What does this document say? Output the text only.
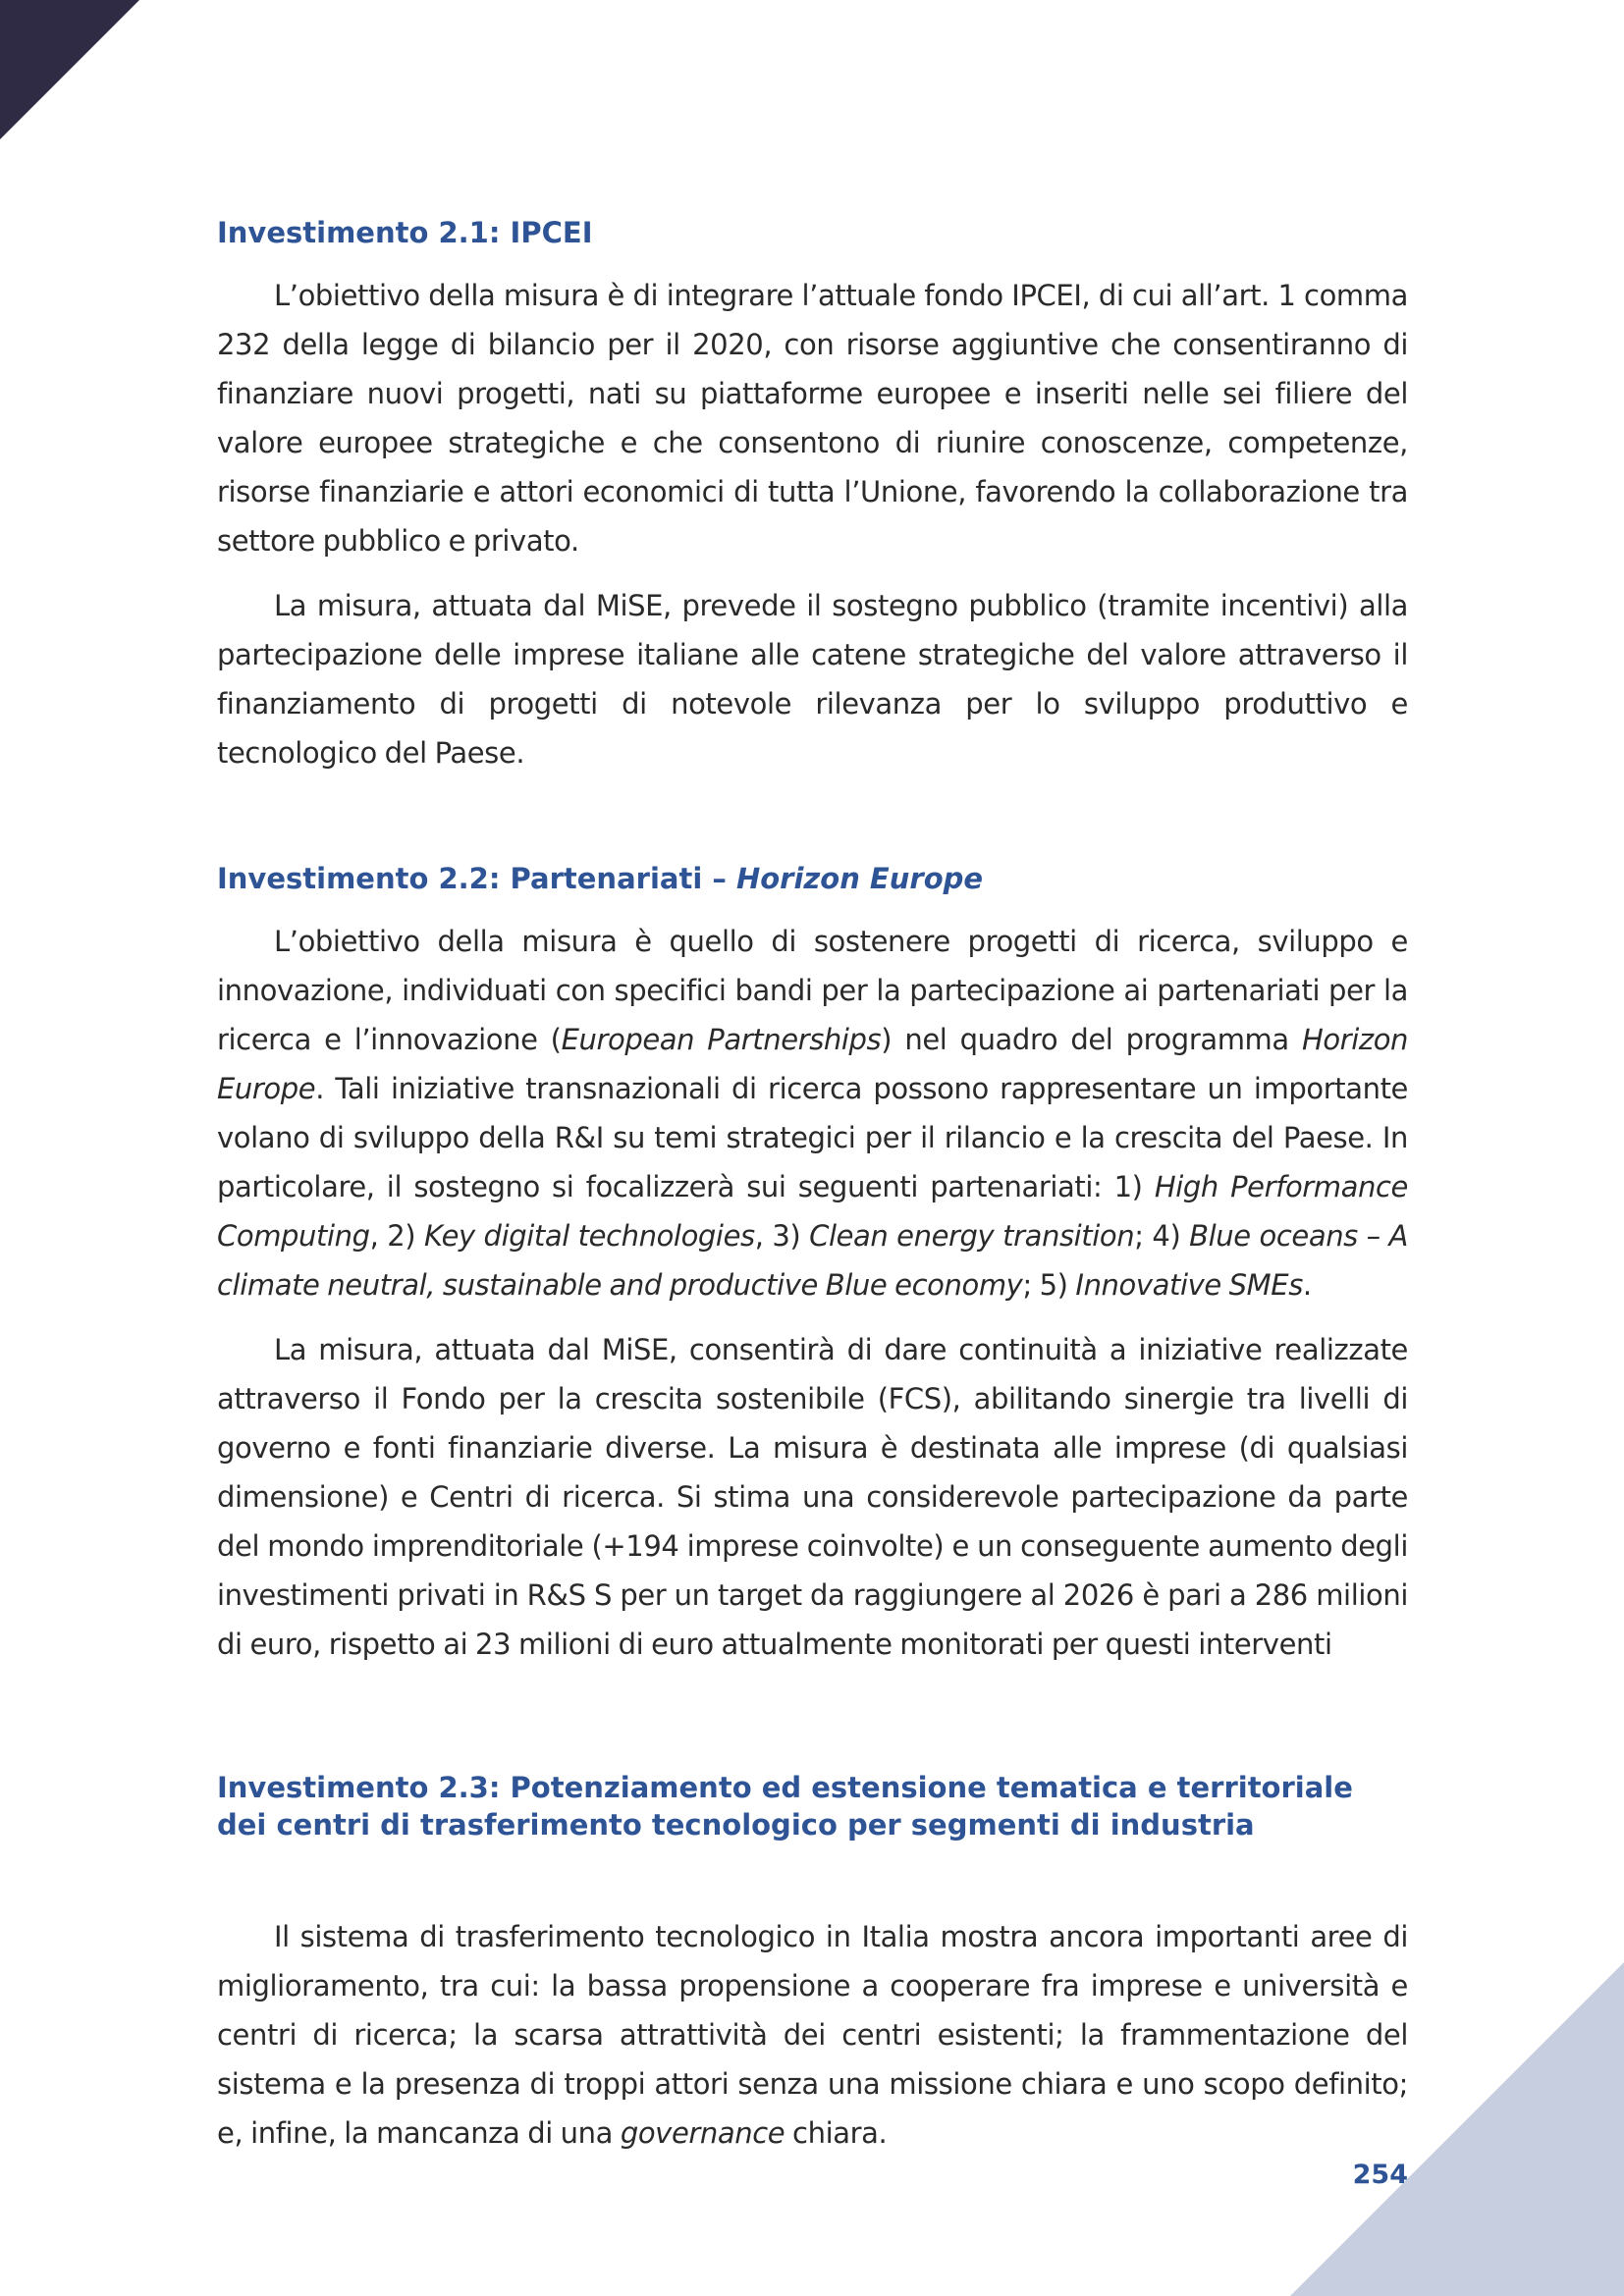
Investimento 2.1: IPCEI

L’obiettivo della misura è di integrare l’attuale fondo IPCEI, di cui all’art. 1 comma 232 della legge di bilancio per il 2020, con risorse aggiuntive che consentiranno di finanziare nuovi progetti, nati su piattaforme europee e inseriti nelle sei filiere del valore europee strategiche e che consentono di riunire conoscenze, competenze, risorse finanziarie e attori economici di tutta l’Unione, favorendo la collaborazione tra settore pubblico e privato.

La misura, attuata dal MiSE, prevede il sostegno pubblico (tramite incentivi) alla partecipazione delle imprese italiane alle catene strategiche del valore attraverso il finanziamento di progetti di notevole rilevanza per lo sviluppo produttivo e tecnologico del Paese.

Investimento 2.2: Partenariati – Horizon Europe

L’obiettivo della misura è quello di sostenere progetti di ricerca, sviluppo e innovazione, individuati con specifici bandi per la partecipazione ai partenariati per la ricerca e l’innovazione (European Partnerships) nel quadro del programma Horizon Europe. Tali iniziative transnazionali di ricerca possono rappresentare un importante volano di sviluppo della R&I su temi strategici per il rilancio e la crescita del Paese. In particolare, il sostegno si focalizzerà sui seguenti partenariati: 1) High Performance Computing, 2) Key digital technologies, 3) Clean energy transition; 4) Blue oceans – A climate neutral, sustainable and productive Blue economy; 5) Innovative SMEs.

La misura, attuata dal MiSE, consentirà di dare continuità a iniziative realizzate attraverso il Fondo per la crescita sostenibile (FCS), abilitando sinergie tra livelli di governo e fonti finanziarie diverse. La misura è destinata alle imprese (di qualsiasi dimensione) e Centri di ricerca. Si stima una considerevole partecipazione da parte del mondo imprenditoriale (+194 imprese coinvolte) e un conseguente aumento degli investimenti privati in R&S S per un target da raggiungere al 2026 è pari a 286 milioni di euro, rispetto ai 23 milioni di euro attualmente monitorati per questi interventi

Investimento 2.3: Potenziamento ed estensione tematica e territoriale dei centri di trasferimento tecnologico per segmenti di industria

Il sistema di trasferimento tecnologico in Italia mostra ancora importanti aree di miglioramento, tra cui: la bassa propensione a cooperare fra imprese e università e centri di ricerca; la scarsa attrattività dei centri esistenti; la frammentazione del sistema e la presenza di troppi attori senza una missione chiara e uno scopo definito; e, infine, la mancanza di una governance chiara.

254
